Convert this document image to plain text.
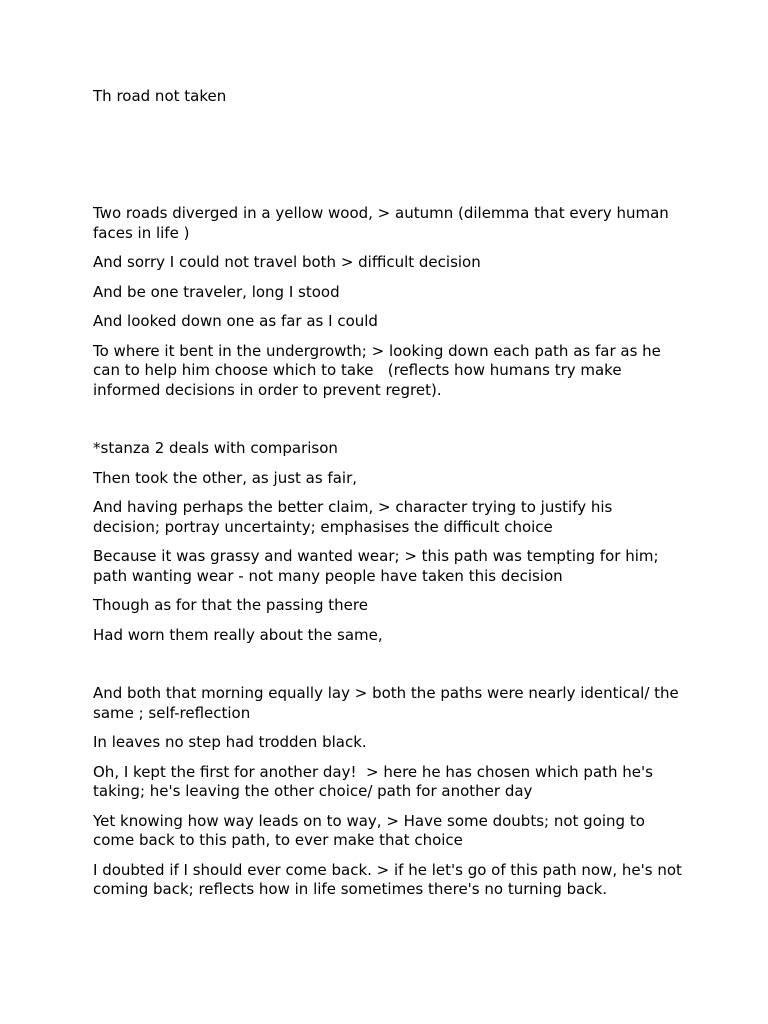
Th road not taken

Two roads diverged in a yellow wood, > autumn (dilemma that every human faces in life )

And sorry I could not travel both > difficult decision

And be one traveler, long I stood

And looked down one as far as I could

To where it bent in the undergrowth; > looking down each path as far as he can to help him choose which to take   (reflects how humans try make informed decisions in order to prevent regret).

*stanza 2 deals with comparison

Then took the other, as just as fair,

And having perhaps the better claim, > character trying to justify his decision; portray uncertainty; emphasises the difficult choice

Because it was grassy and wanted wear; > this path was tempting for him; path wanting wear - not many people have taken this decision

Though as for that the passing there

Had worn them really about the same,

And both that morning equally lay > both the paths were nearly identical/ the same ; self-reflection

In leaves no step had trodden black.

Oh, I kept the first for another day!  > here he has chosen which path he's taking; he's leaving the other choice/ path for another day

Yet knowing how way leads on to way, > Have some doubts; not going to come back to this path, to ever make that choice

I doubted if I should ever come back. > if he let's go of this path now, he's not coming back; reflects how in life sometimes there's no turning back.
